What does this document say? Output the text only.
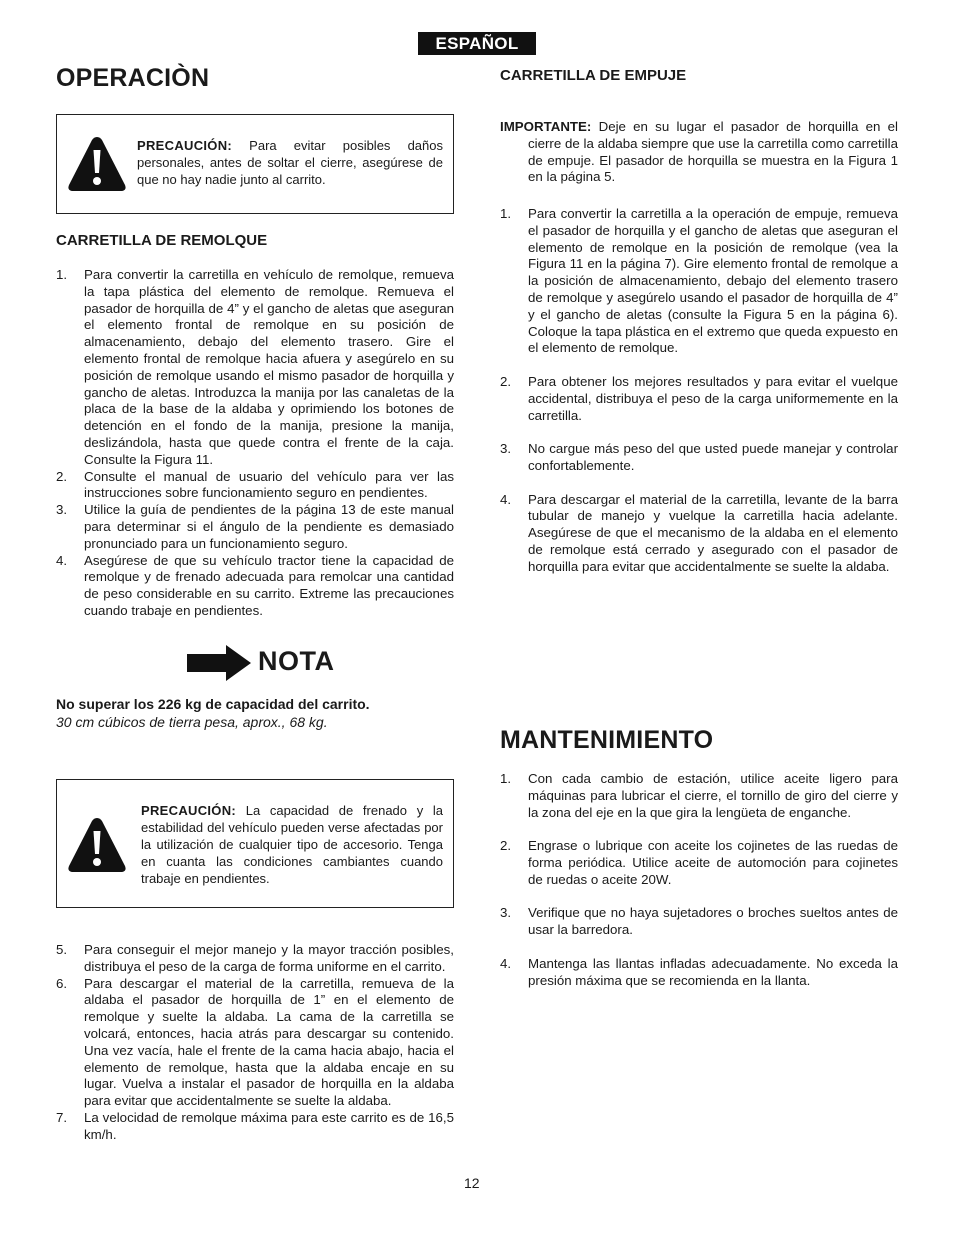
ESPAÑOL
OPERACIÒN
PRECAUCIÓN: Para evitar posibles daños personales, antes de soltar el cierre, asegúrese de que no hay nadie junto al carrito.
CARRETILLA DE REMOLQUE
1. Para convertir la carretilla en vehículo de remolque, remueva la tapa plástica del elemento de remolque. Remueva el pasador de horquilla de 4” y el gancho de aletas que aseguran el elemento frontal de remolque en su posición de almacenamiento, debajo del elemento trasero. Gire el elemento frontal de remolque hacia afuera y asegúrelo en su posición de remolque usando el mismo pasador de horquilla y gancho de aletas. Introduzca la manija por las canaletas de la placa de la base de la aldaba y oprimiendo los botones de detención en el fondo de la manija, presione la manija, deslizándola, hasta que quede contra el frente de la caja. Consulte la Figura 11.
2. Consulte el manual de usuario del vehículo para ver las instrucciones sobre funcionamiento seguro en pendientes.
3. Utilice la guía de pendientes de la página 13 de este manual para determinar si el ángulo de la pendiente es demasiado pronunciado para un funcionamiento seguro.
4. Asegúrese de que su vehículo tractor tiene la capacidad de remolque y de frenado adecuada para remolcar una cantidad de peso considerable en su carrito. Extreme las precauciones cuando trabaje en pendientes.
NOTA
No superar los 226 kg de capacidad del carrito.
30 cm cúbicos de tierra pesa, aprox., 68 kg.
PRECAUCIÓN: La capacidad de frenado y la estabilidad del vehículo pueden verse afectadas por la utilización de cualquier tipo de accesorio. Tenga en cuanta las condiciones cambiantes cuando trabaje en pendientes.
5. Para conseguir el mejor manejo y la mayor tracción posibles, distribuya el peso de la carga de forma uniforme en el carrito.
6. Para descargar el material de la carretilla, remueva de la aldaba el pasador de horquilla de 1” en el elemento de remolque y suelte la aldaba. La cama de la carretilla se volcará, entonces, hacia atrás para descargar su contenido. Una vez vacía, hale el frente de la cama hacia abajo, hacia el elemento de remolque, hasta que la aldaba encaje en su lugar. Vuelva a instalar el pasador de horquilla en la aldaba para evitar que accidentalmente se suelte la aldaba.
7. La velocidad de remolque máxima para este carrito es de 16,5 km/h.
CARRETILLA DE EMPUJE
IMPORTANTE: Deje en su lugar el pasador de horquilla en el cierre de la aldaba siempre que use la carretilla como carretilla de empuje. El pasador de horquilla se muestra en la Figura 1 en la página 5.
1. Para convertir la carretilla a la operación de empuje, remueva el pasador de horquilla y el gancho de aletas que aseguran el elemento de remolque en la posición de remolque (vea la Figura 11 en la página 7). Gire elemento frontal de remolque a la posición de almacenamiento, debajo del elemento trasero de remolque y asegúrelo usando el pasador de horquilla de 4” y el gancho de aletas (consulte la Figura 5 en la página 6). Coloque la tapa plástica en el extremo que queda expuesto en el elemento de remolque.
2. Para obtener los mejores resultados y para evitar el vuelque accidental, distribuya el peso de la carga uniformemente en la carretilla.
3. No cargue más peso del que usted puede manejar y controlar confortablemente.
4. Para descargar el material de la carretilla, levante de la barra tubular de manejo y vuelque la carretilla hacia adelante. Asegúrese de que el mecanismo de la aldaba en el elemento de remolque está cerrado y asegurado con el pasador de horquilla para evitar que accidentalmente se suelte la aldaba.
MANTENIMIENTO
1. Con cada cambio de estación, utilice aceite ligero para máquinas para lubricar el cierre, el tornillo de giro del cierre y la zona del eje en la que gira la lengüeta de enganche.
2. Engrase o lubrique con aceite los cojinetes de las ruedas de forma periódica. Utilice aceite de automoción para cojinetes de ruedas o aceite 20W.
3. Verifique que no haya sujetadores o broches sueltos antes de usar la barredora.
4. Mantenga las llantas infladas adecuadamente. No exceda la presión máxima que se recomienda en la llanta.
12
